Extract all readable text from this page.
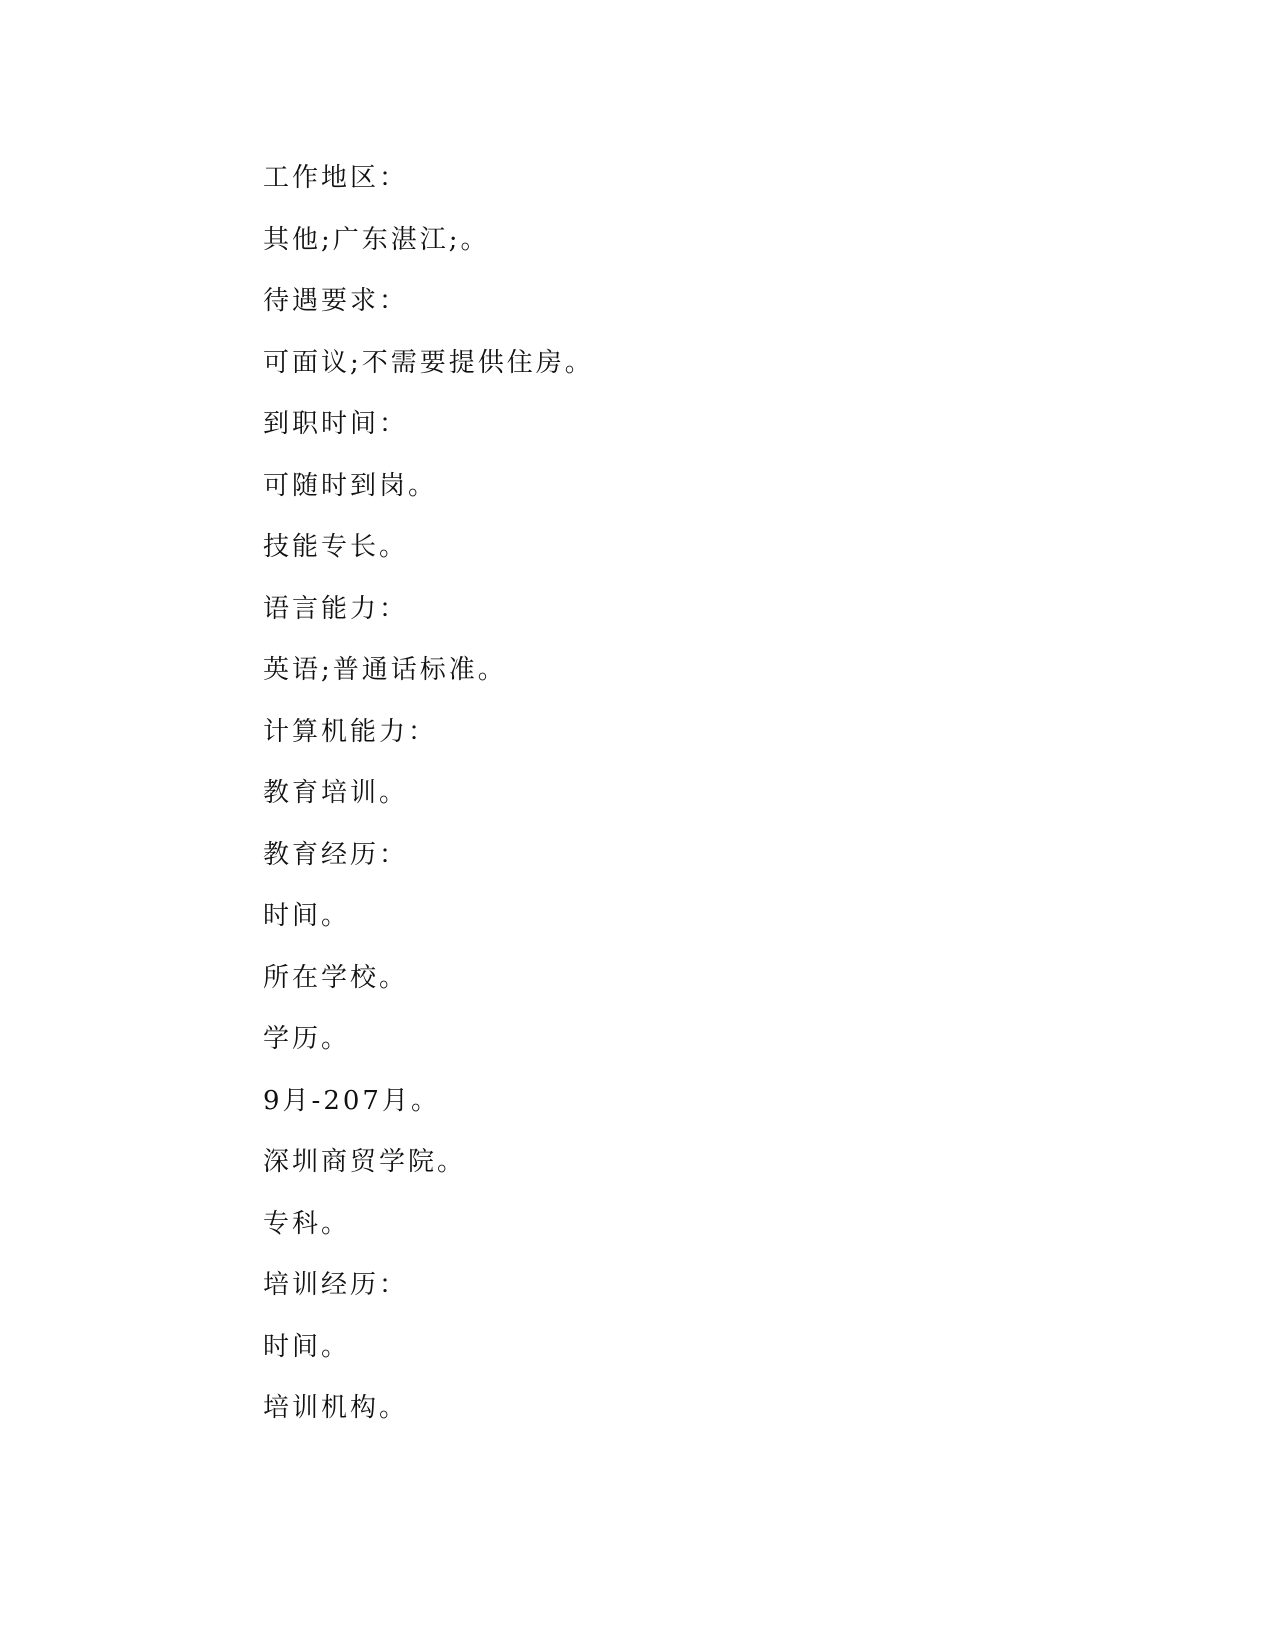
工作地区：
其他;广东湛江;。
待遇要求：
可面议;不需要提供住房。
到职时间：
可随时到岗。
技能专长。
语言能力：
英语;普通话标准。
计算机能力：
教育培训。
教育经历：
时间。
所在学校。
学历。
9月-207月。
深圳商贸学院。
专科。
培训经历：
时间。
培训机构。
